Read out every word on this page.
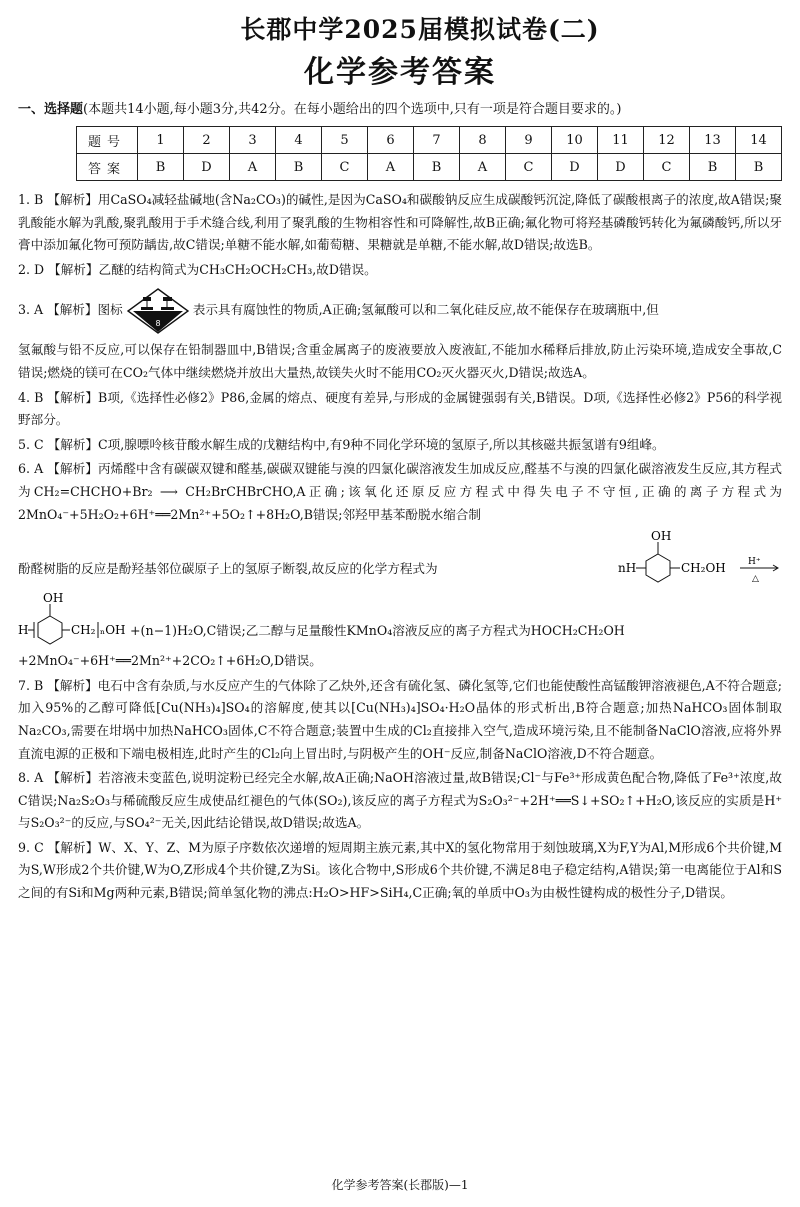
长郡中学2025届模拟试卷(二)
化学参考答案
一、选择题(本题共14小题,每小题3分,共42分。在每小题给出的四个选项中,只有一项是符合题目要求的。)
题号	1	2	3	4	5	6	7	8	9	10	11	12	13	14
答案	B	D	A	B	C	A	B	A	C	D	D	C	B	B
1. B 【解析】用CaSO₄减轻盐碱地(含Na₂CO₃)的碱性,是因为CaSO₄和碳酸钠反应生成碳酸钙沉淀,降低了碳酸根离子的浓度,故A错误;聚乳酸能水解为乳酸,聚乳酸用于手术缝合线,利用了聚乳酸的生物相容性和可降解性,故B正确;氟化物可将羟基磷酸钙转化为氟磷酸钙,所以牙膏中添加氟化物可预防龋齿,故C错误;单糖不能水解,如葡萄糖、果糖就是单糖,不能水解,故D错误;故选B。
2. D 【解析】乙醚的结构简式为CH₃CH₂OCH₂CH₃,故D错误。
3. A 【解析】图标
8
表示具有腐蚀性的物质,A正确;氢氟酸可以和二氧化硅反应,故不能保存在玻璃瓶中,但
氢氟酸与铅不反应,可以保存在铅制器皿中,B错误;含重金属离子的废液要放入废液缸,不能加水稀释后排放,防止污染环境,造成安全事故,C错误;燃烧的镁可在CO₂气体中继续燃烧并放出大量热,故镁失火时不能用CO₂灭火器灭火,D错误;故选A。
4. B 【解析】B项,《选择性必修2》P86,金属的熔点、硬度有差异,与形成的金属键强弱有关,B错误。D项,《选择性必修2》P56的科学视野部分。
5. C 【解析】C项,腺嘌呤核苷酸水解生成的戊糖结构中,有9种不同化学环境的氢原子,所以其核磁共振氢谱有9组峰。
6. A 【解析】丙烯醛中含有碳碳双键和醛基,碳碳双键能与溴的四氯化碳溶液发生加成反应,醛基不与溴的四氯化碳溶液发生反应,其方程式为CH₂=CHCHO+Br₂ ⟶ CH₂BrCHBrCHO,A正确;该氧化还原反应方程式中得失电子不守恒,正确的离子方程式为2MnO₄⁻+5H₂O₂+6H⁺══2Mn²⁺+5O₂↑+8H₂O,B错误;邻羟甲基苯酚脱水缩合制
酚醛树脂的反应是酚羟基邻位碳原子上的氢原子断裂,故反应的化学方程式为	nH
OH
CH₂OH H⁺
△
H
OH
CH₂ ₙOH +(n−1)H₂O,C错误;乙二醇与足量酸性KMnO₄溶液反应的离子方程式为HOCH₂CH₂OH
+2MnO₄⁻+6H⁺══2Mn²⁺+2CO₂↑+6H₂O,D错误。
7. B 【解析】电石中含有杂质,与水反应产生的气体除了乙炔外,还含有硫化氢、磷化氢等,它们也能使酸性高锰酸钾溶液褪色,A不符合题意;加入95%的乙醇可降低[Cu(NH₃)₄]SO₄的溶解度,使其以[Cu(NH₃)₄]SO₄·H₂O晶体的形式析出,B符合题意;加热NaHCO₃固体制取Na₂CO₃,需要在坩埚中加热NaHCO₃固体,C不符合题意;装置中生成的Cl₂直接排入空气,造成环境污染,且不能制备NaClO溶液,应将外界直流电源的正极和下端电极相连,此时产生的Cl₂向上冒出时,与阴极产生的OH⁻反应,制备NaClO溶液,D不符合题意。
8. A 【解析】若溶液未变蓝色,说明淀粉已经完全水解,故A正确;NaOH溶液过量,故B错误;Cl⁻与Fe³⁺形成黄色配合物,降低了Fe³⁺浓度,故C错误;Na₂S₂O₃与稀硫酸反应生成使品红褪色的气体(SO₂),该反应的离子方程式为S₂O₃²⁻+2H⁺══S↓+SO₂↑+H₂O,该反应的实质是H⁺与S₂O₃²⁻的反应,与SO₄²⁻无关,因此结论错误,故D错误;故选A。
9. C 【解析】W、X、Y、Z、M为原子序数依次递增的短周期主族元素,其中X的氢化物常用于刻蚀玻璃,X为F,Y为Al,M形成6个共价键,M为S,W形成2个共价键,W为O,Z形成4个共价键,Z为Si。该化合物中,S形成6个共价键,不满足8电子稳定结构,A错误;第一电离能位于Al和S之间的有Si和Mg两种元素,B错误;简单氢化物的沸点:H₂O>HF>SiH₄,C正确;氧的单质中O₃为由极性键构成的极性分子,D错误。
化学参考答案(长郡版)—1
